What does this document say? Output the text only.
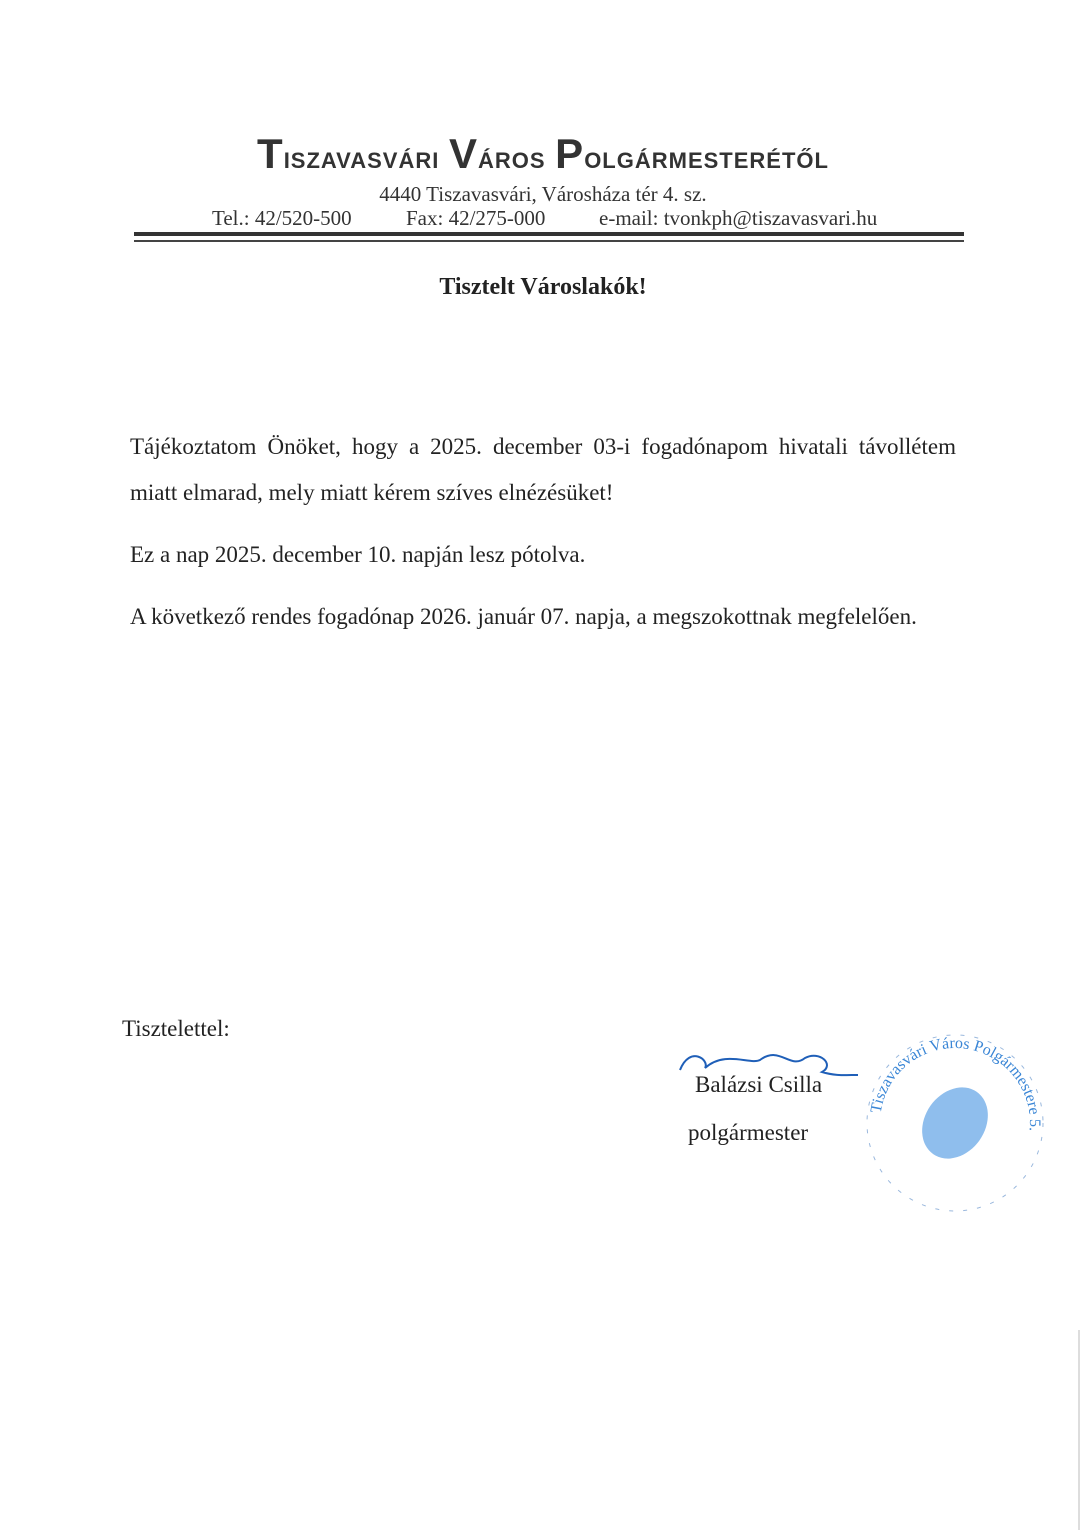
Tiszavasvári Város Polgármesterétől
4440 Tiszavasvári, Városháza tér 4. sz.
Tel.: 42/520-500	Fax: 42/275-000	e-mail: tvonkph@tiszavasvari.hu
Tisztelt Városlakók!

Tájékoztatom Önöket, hogy a 2025. december 03-i fogadónapom hivatali távollétem miatt elmarad, mely miatt kérem szíves elnézésüket!

Ez a nap 2025. december 10. napján lesz pótolva.

A következő rendes fogadónap 2026. január 07. napja, a megszokottnak megfelelően.

Tisztelettel:
Tiszavasvári Város Polgármestere 5.
Balázsi Csilla
polgármester
